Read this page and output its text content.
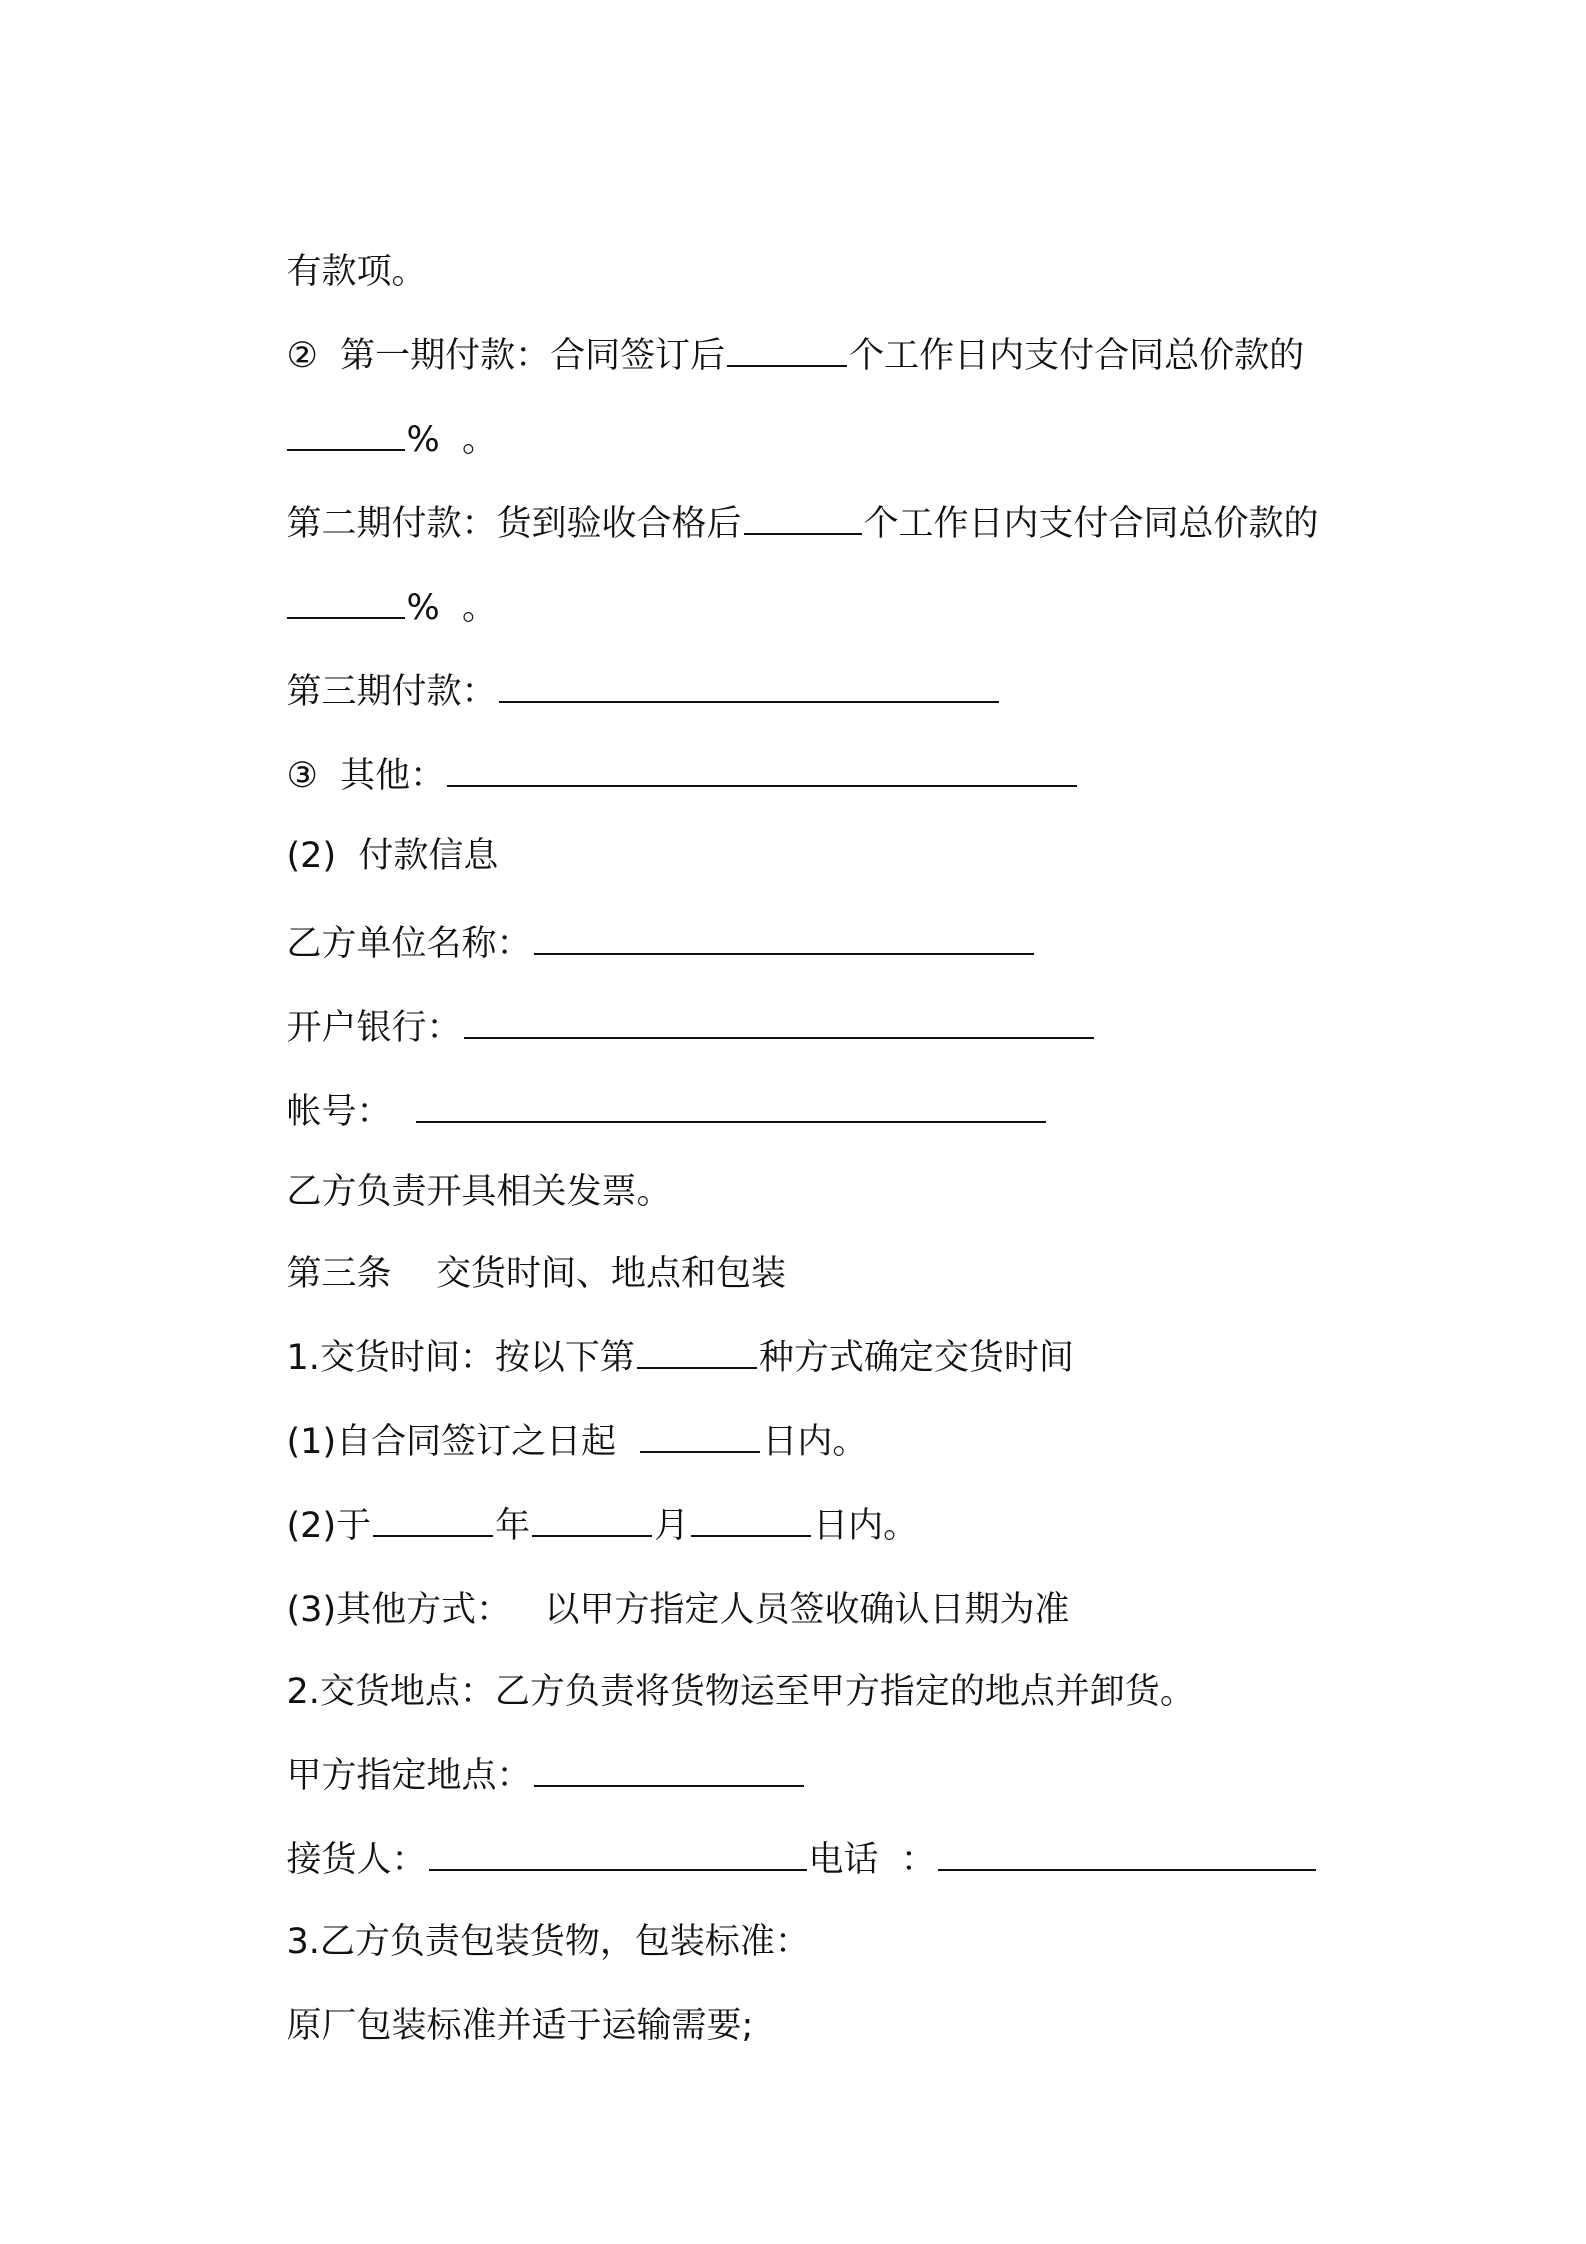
有款项。

②  第一期付款：合同签订后	个工作日内支付合同总价款的

%  。

第二期付款：货到验收合格后	个工作日内支付合同总价款的

%  。

第三期付款：

③  其他：

(2)  付款信息

乙方单位名称：

开户银行：

帐号：

乙方负责开具相关发票。

第三条    交货时间、地点和包装

1.交货时间：按以下第	种方式确定交货时间

(1)自合同签订之日起	日内。

(2)于	年	月	日内。

(3)其他方式：   以甲方指定人员签收确认日期为准

2.交货地点：乙方负责将货物运至甲方指定的地点并卸货。

甲方指定地点：

接货人：	电话  ：

3.乙方负责包装货物，包装标准：

原厂包装标准并适于运输需要;
